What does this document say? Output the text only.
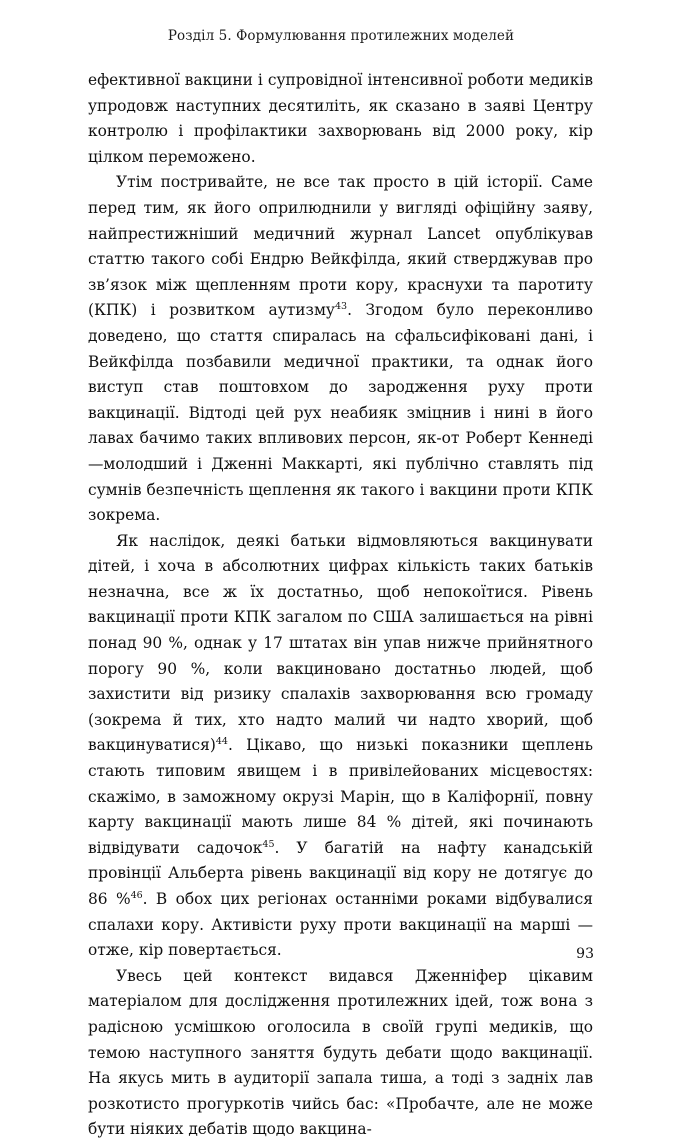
Розділ 5. Формулювання протилежних моделей

ефективної вакцини і супровідної інтенсивної роботи медиків упродовж наступних десятиліть, як сказано в заяві Центру контролю і профілактики захворювань від 2000 року, кір цілком переможено.

Утім постривайте, не все так просто в цій історії. Саме перед тим, як його оприлюднили у вигляді офіційну заяву, найпрестижніший медичний журнал Lancet опублікував статтю такого собі Ендрю Вейкфілда, який стверджував про зв’язок між щепленням проти кору, краснухи та паротиту (КПК) і розвитком аутизму$^{43}$. Згодом було переконливо доведено, що стаття спиралась на сфальсифіковані дані, і Вейкфілда позбавили медичної практики, та однак його виступ став поштовхом до зародження руху проти вакцинації. Відтоді цей рух неабияк зміцнив і нині в його лавах бачимо таких впливових персон, як-от Роберт Кеннеді—молодший і Дженні Маккарті, які публічно ставлять під сумнів безпечність щеплення як такого і вакцини проти КПК зокрема.

Як наслідок, деякі батьки відмовляються вакцинувати дітей, і хоча в абсолютних цифрах кількість таких батьків незначна, все ж їх достатньо, щоб непокоїтися. Рівень вакцинації проти КПК загалом по США залишається на рівні понад 90 %, однак у 17 штатах він упав нижче прийнятного порогу 90 %, коли вакциновано достатньо людей, щоб захистити від ризику спалахів захворювання всю громаду (зокрема й тих, хто надто малий чи надто хворий, щоб вакцинуватися)$^{44}$. Цікаво, що низькі показники щеплень стають типовим явищем і в привілейованих місцевостях: скажімо, в заможному окрузі Марін, що в Каліфорнії, повну карту вакцинації мають лише 84 % дітей, які починають відвідувати садочок$^{45}$. У багатій на нафту канадській провінції Альберта рівень вакцинації від кору не дотягує до 86 %$^{46}$. В обох цих регіонах останніми роками відбувалися спалахи кору. Активісти руху проти вакцинації на марші — отже, кір повертається.

Увесь цей контекст видався Дженніфер цікавим матеріалом для дослідження протилежних ідей, тож вона з радісною усмішкою оголосила в своїй групі медиків, що темою наступного заняття будуть дебати щодо вакцинації. На якусь мить в аудиторії запала тиша, а тоді з задніх лав розкотисто прогуркотів чийсь бас: «Пробачте, але не може бути ніяких дебатів щодо вакцина-

93
